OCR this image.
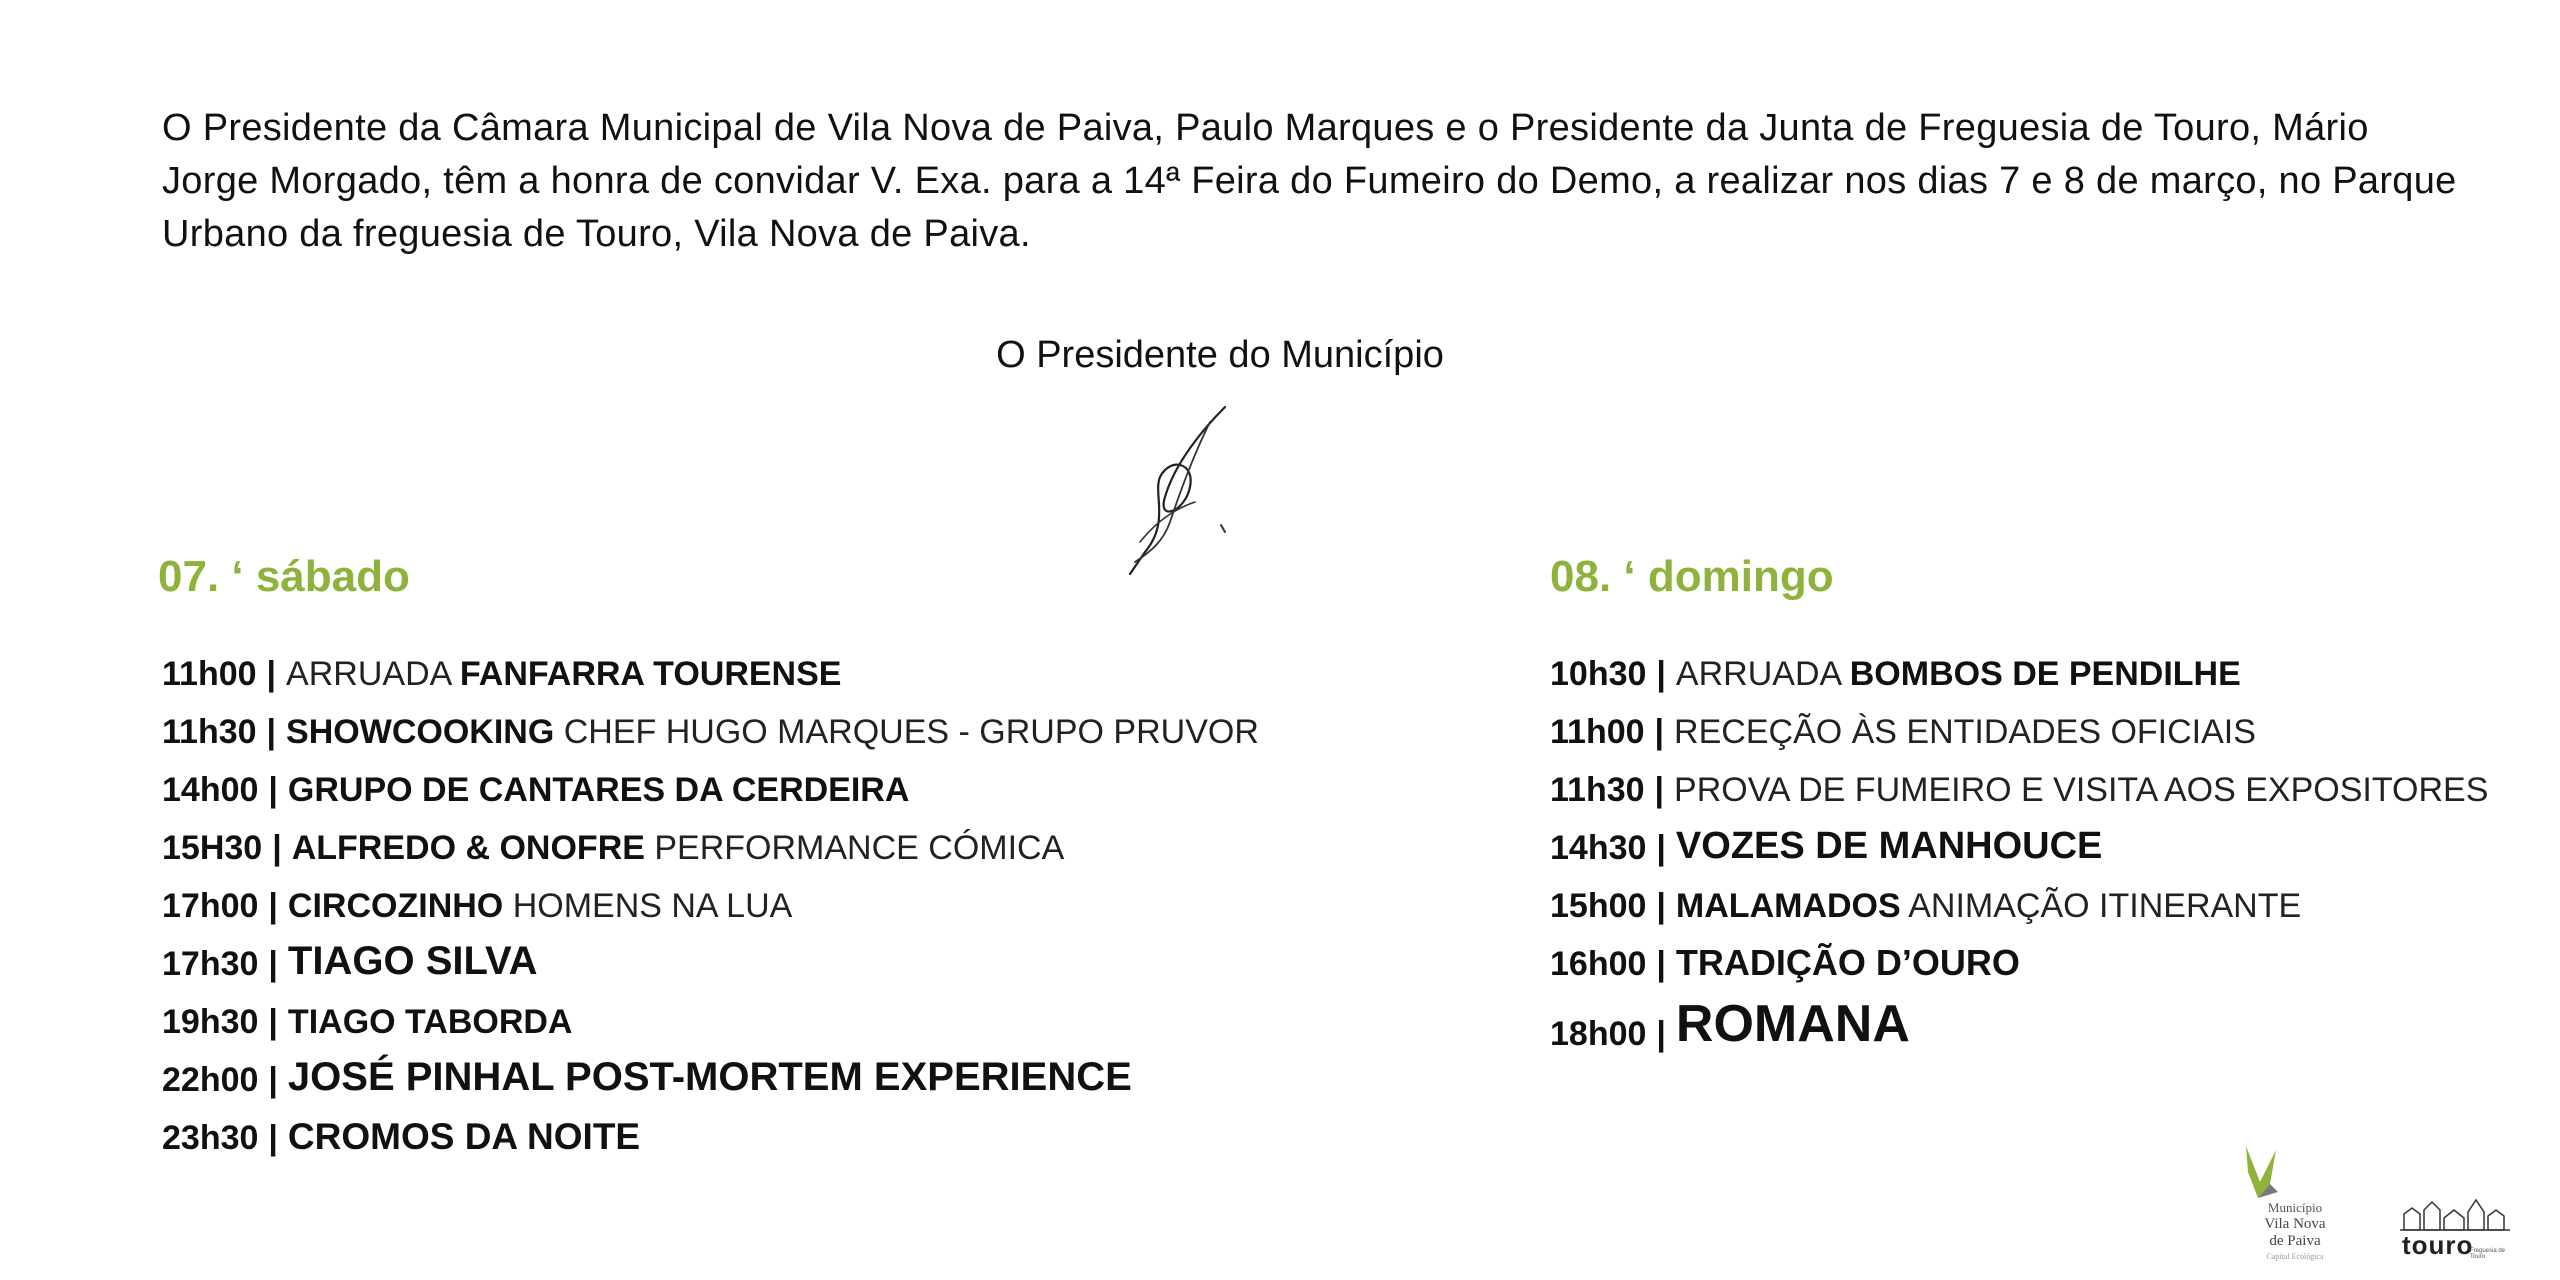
O Presidente da Câmara Municipal de Vila Nova de Paiva, Paulo Marques e o Presidente da Junta de Freguesia de Touro, Mário Jorge Morgado, têm a honra de convidar V. Exa. para a 14ª Feira do Fumeiro do Demo, a realizar nos dias 7 e 8 de março, no Parque Urbano da freguesia de Touro, Vila Nova de Paiva.
O Presidente do Município
07. ‘ sábado
11h00 | ARRUADA FANFARRA TOURENSE
11h30 | SHOWCOOKING CHEF HUGO MARQUES - GRUPO PRUVOR
14h00 | GRUPO DE CANTARES DA CERDEIRA
15H30 | ALFREDO & ONOFRE PERFORMANCE CÓMICA
17h00 | CIRCOZINHO HOMENS NA LUA
17h30 | TIAGO SILVA
19h30 | TIAGO TABORDA
22h00 | JOSÉ PINHAL POST-MORTEM EXPERIENCE
23h30 | CROMOS DA NOITE
08. ‘ domingo
10h30 | ARRUADA BOMBOS DE PENDILHE
11h00 | RECEÇÃO ÀS ENTIDADES OFICIAIS
11h30 | PROVA DE FUMEIRO E VISITA AOS EXPOSITORES
14h30 | VOZES DE MANHOUCE
15h00 | MALAMADOS ANIMAÇÃO ITINERANTE
16h00 | TRADIÇÃO D’OURO
18h00 | ROMANA
Município
Vila Nova
de Paiva
Capital Ecológica	touro
Freguesia de Touro
